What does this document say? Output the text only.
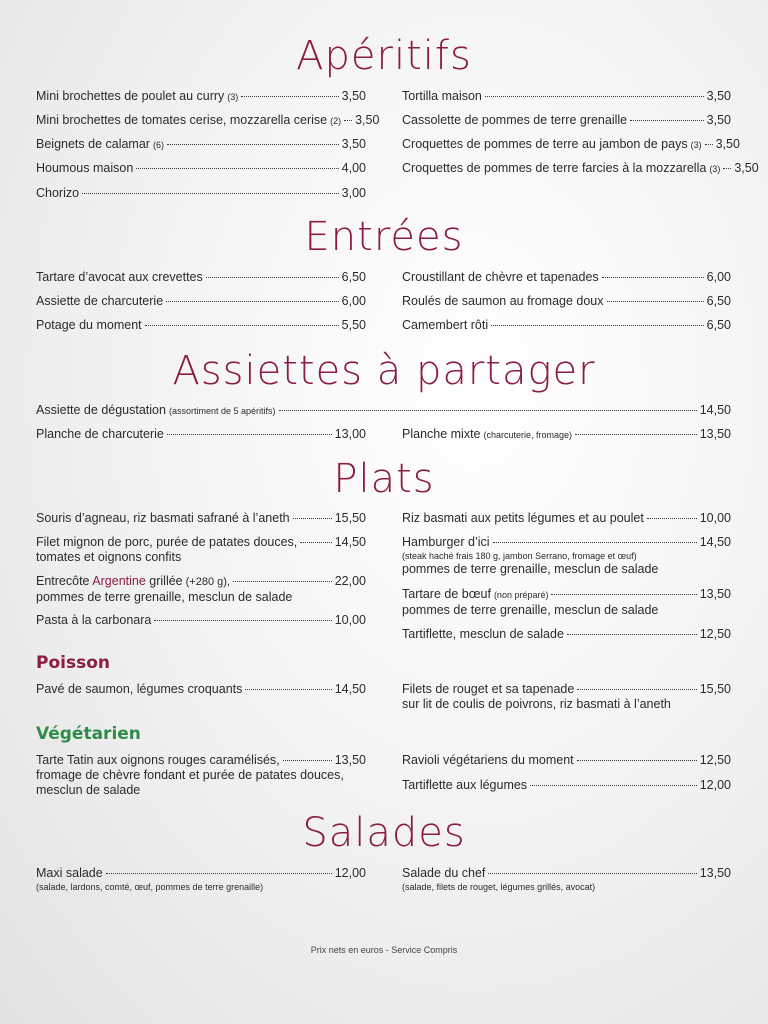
Apéritifs
Mini brochettes de poulet au curry (3)	3,50
Mini brochettes de tomates cerise, mozzarella cerise (2) 3,50
Beignets de calamar (6)	3,50
Houmous maison	4,00
Chorizo	3,00
Tortilla maison	3,50
Cassolette de pommes de terre grenaille	3,50
Croquettes de pommes de terre au jambon de pays (3) 3,50
Croquettes de pommes de terre farcies à la mozzarella (3) 3,50
Entrées
Tartare d’avocat aux crevettes	6,50
Assiette de charcuterie	6,00
Potage du moment	5,50
Croustillant de chèvre et tapenades	6,00
Roulés de saumon au fromage doux	6,50
Camembert rôti	6,50
Assiettes à partager
Assiette de dégustation (assortiment de 5 apéritifs)	14,50
Planche de charcuterie	13,00	Planche mixte (charcuterie, fromage)	13,50
Plats
Souris d’agneau, riz basmati safrané à l’aneth	15,50
Filet mignon de porc, purée de patates douces,	14,50
tomates et oignons confits
Entrecôte Argentine grillée (+280 g),	22,00
pommes de terre grenaille, mesclun de salade
Pasta à la carbonara	10,00
Riz basmati aux petits légumes et au poulet	10,00
Hamburger d’ici	14,50
(steak haché frais 180 g, jambon Serrano, fromage et œuf)
pommes de terre grenaille, mesclun de salade
Tartare de bœuf (non préparé)	13,50
pommes de terre grenaille, mesclun de salade
Tartiflette, mesclun de salade	12,50
Poisson
Pavé de saumon, légumes croquants	14,50	Filets de rouget et sa tapenade	15,50
sur lit de coulis de poivrons, riz basmati à l’aneth
Végétarien
Tarte Tatin aux oignons rouges caramélisés,	13,50
fromage de chèvre fondant et purée de patates douces,
mesclun de salade
Ravioli végétariens du moment	12,50
Tartiflette aux légumes	12,00
Salades
Maxi salade	12,00
(salade, lardons, comté, œuf, pommes de terre grenaille)
Salade du chef	13,50
(salade, filets de rouget, légumes grillés, avocat)
Prix nets en euros - Service Compris
